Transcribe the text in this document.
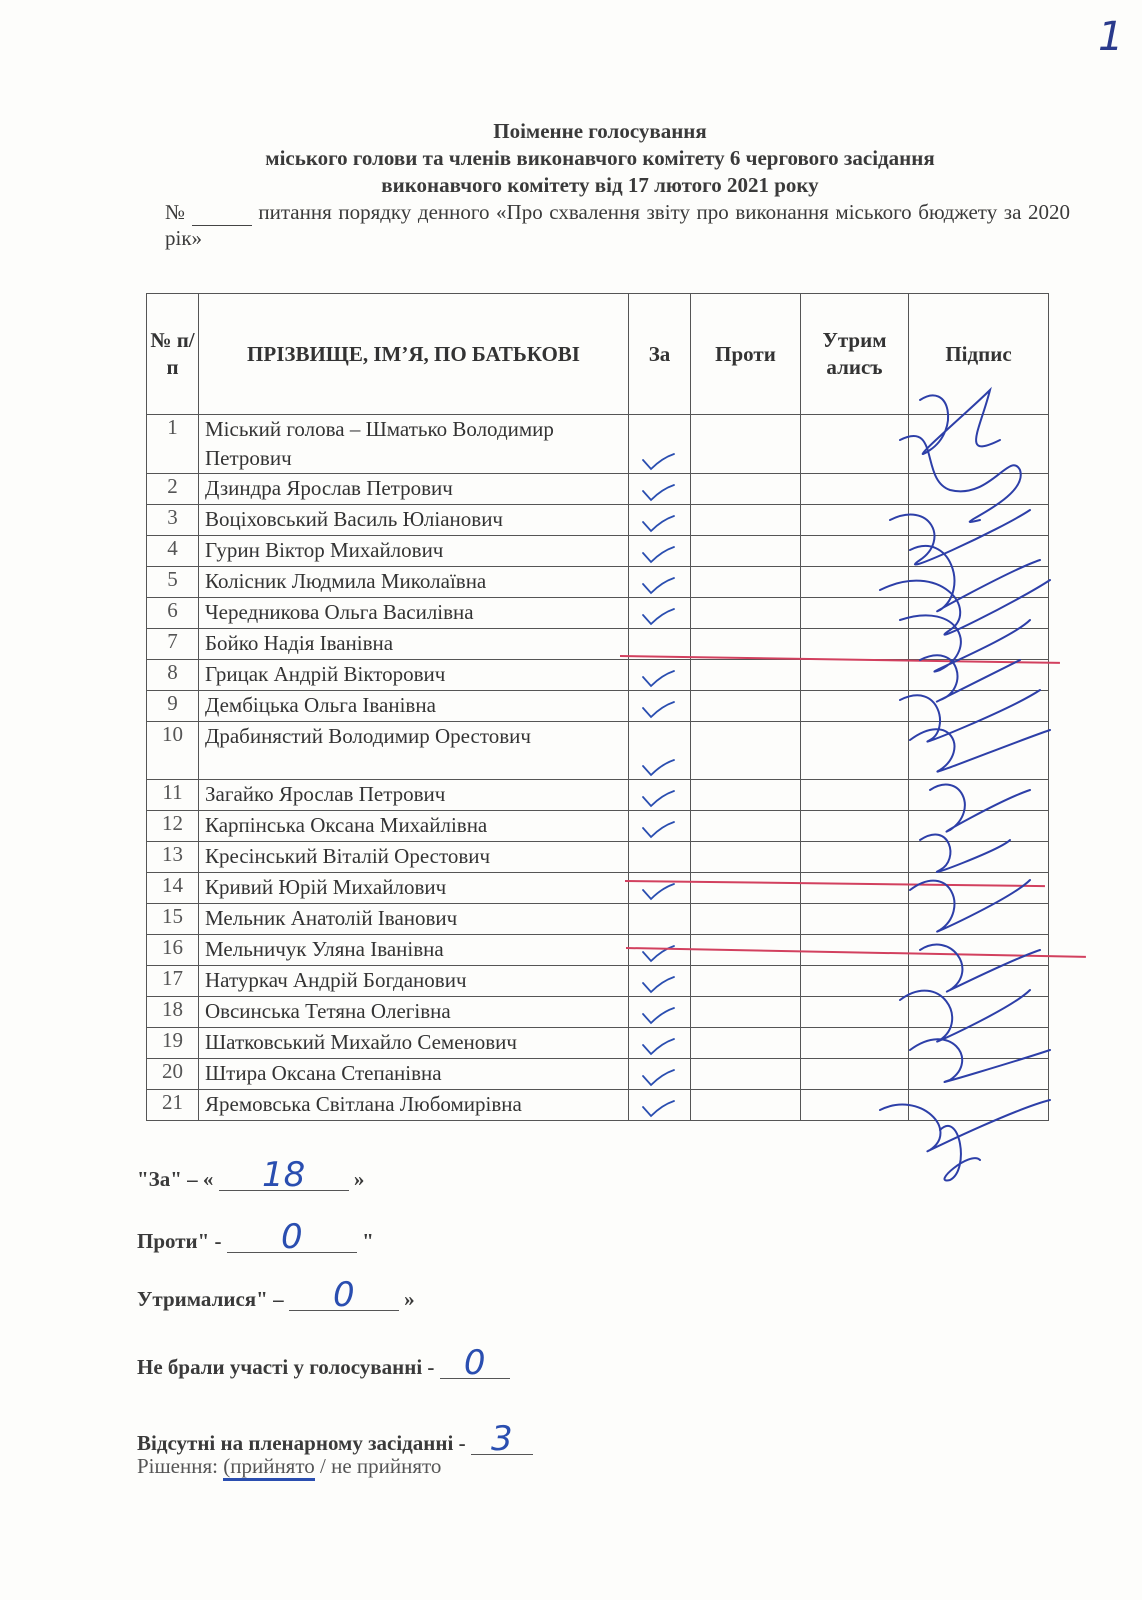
1
Поіменне голосування
міського голови та членів виконавчого комітету 6 чергового засідання
виконавчого комітету від 17 лютого 2021 року
№	питання порядку денного «Про схвалення звіту про виконання міського бюджету за 2020 рік»
№ п/п	ПРІЗВИЩЕ, ІМ’Я, ПО БАТЬКОВІ	За	Проти	Утрим алисъ	Підпис
1	Міський голова – Шматько Володимир Петрович	

2	Дзиндра Ярослав Петрович	

3	Воціховський Василь Юліанович	

4	Гурин Віктор Михайлович	

5	Колісник Людмила Миколаївна	

6	Чередникова Ольга Василівна	

7	Бойко Надія Іванівна				
8	Грицак Андрій Вікторович	

9	Дембіцька Ольга Іванівна	

10	Драбинястий Володимир Орестович	

11	Загайко Ярослав Петрович	

12	Карпінська Оксана Михайлівна	

13	Кресінський Віталій Орестович				
14	Кривий Юрій Михайлович	

15	Мельник Анатолій Іванович				
16	Мельничук Уляна Іванівна	

17	Натуркач Андрій Богданович	

18	Овсинська Тетяна Олегівна	

19	Шатковський Михайло Семенович	

20	Штира Оксана Степанівна	

21	Яремовська Світлана Любомирівна	

"За" – « 18 »
Проти" - 0	"
Утрималися" – 0 »
Не брали участі у голосуванні - 0
Відсутні на пленарному засіданні - 3
Рішення: (прийнято / не прийнято
